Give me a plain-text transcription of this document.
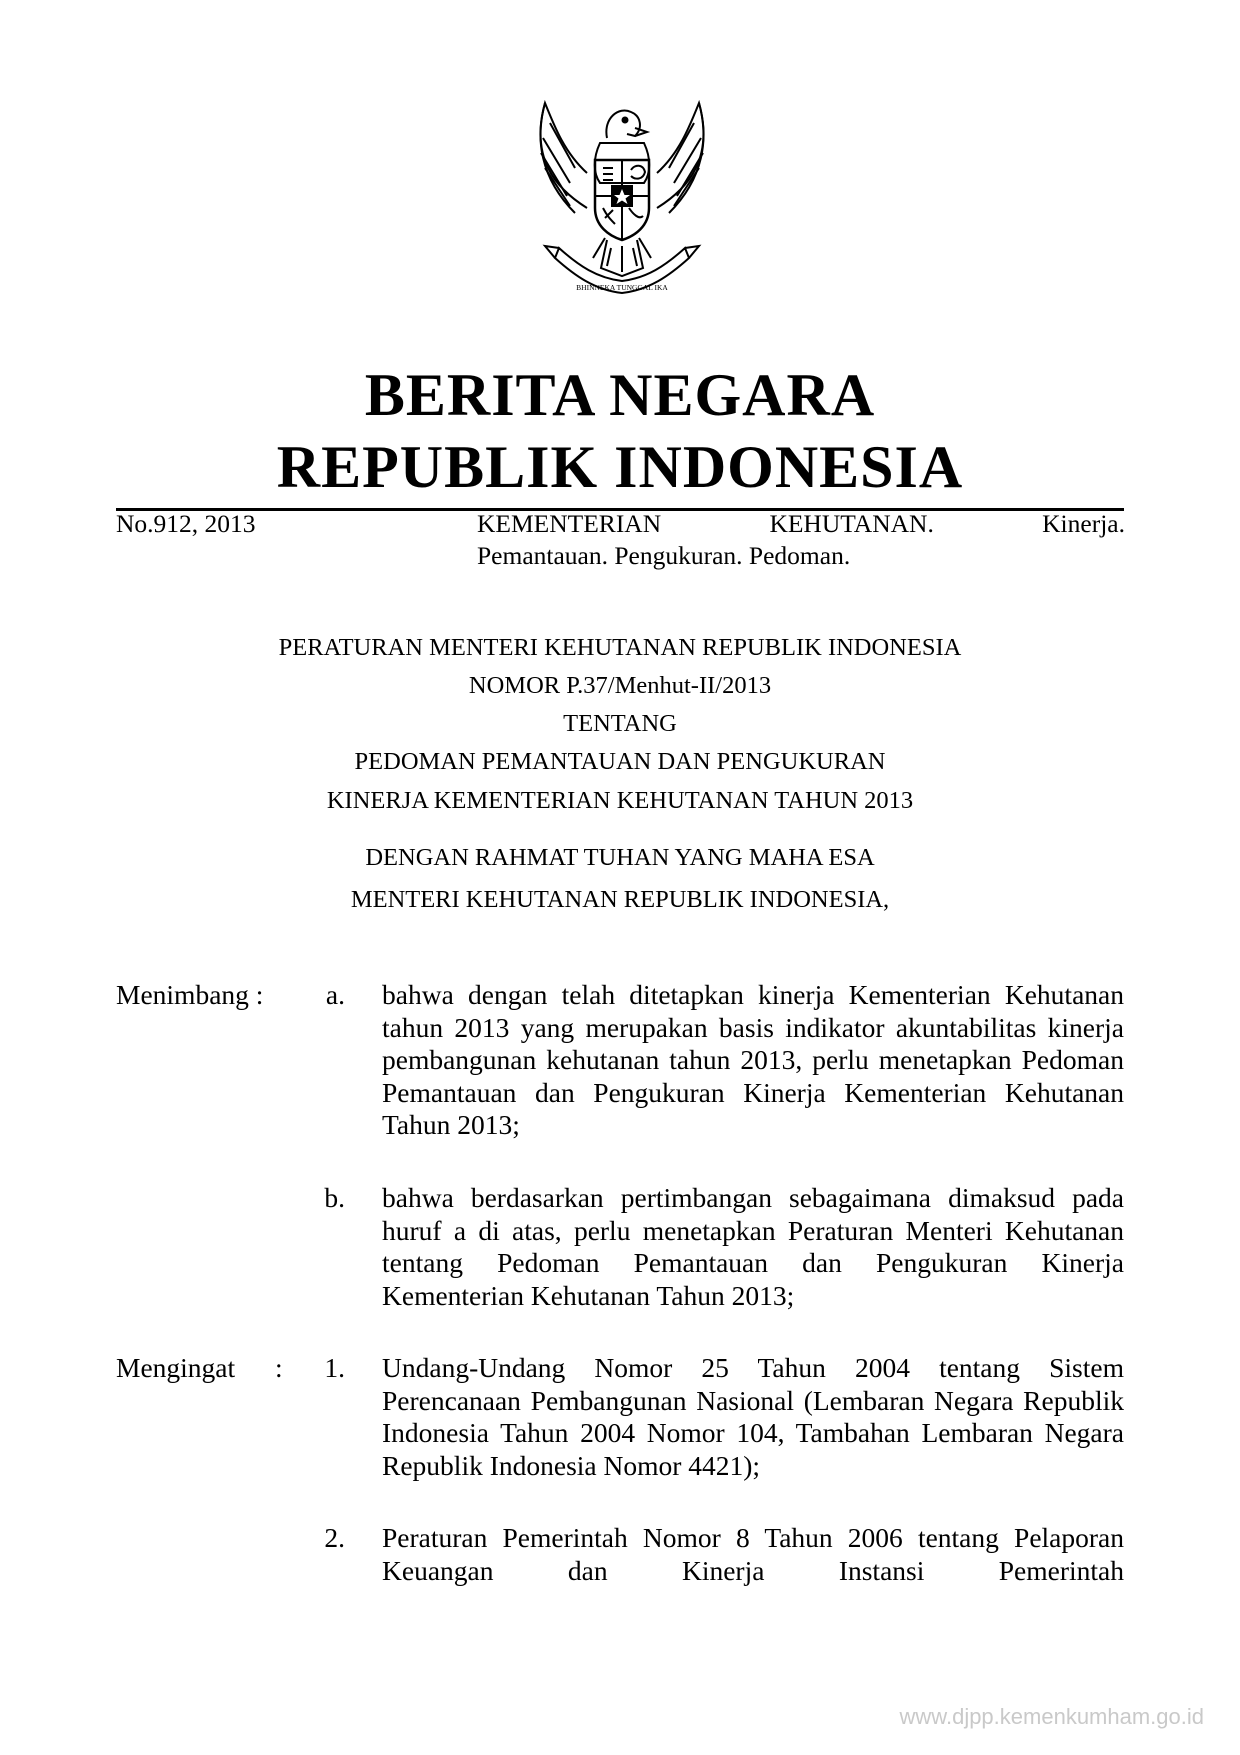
BHINNEKA TUNGGAL IKA
BERITA NEGARA
REPUBLIK INDONESIA
No.912, 2013	KEMENTERIAN	KEHUTANAN.	Kinerja.
Pemantauan. Pengukuran. Pedoman.
PERATURAN MENTERI KEHUTANAN REPUBLIK INDONESIA
NOMOR P.37/Menhut-II/2013
TENTANG
PEDOMAN PEMANTAUAN DAN PENGUKURAN
KINERJA KEMENTERIAN KEHUTANAN TAHUN 2013
DENGAN RAHMAT TUHAN YANG MAHA ESA
MENTERI KEHUTANAN REPUBLIK INDONESIA,
Menimbang :	a. bahwa dengan telah ditetapkan kinerja Kementerian Kehutanan tahun 2013 yang merupakan basis indikator akuntabilitas kinerja pembangunan kehutanan tahun 2013, perlu menetapkan Pedoman Pemantauan dan Pengukuran Kinerja Kementerian Kehutanan Tahun 2013;
b. bahwa berdasarkan pertimbangan sebagaimana dimaksud pada huruf a di atas, perlu menetapkan Peraturan Menteri Kehutanan tentang Pedoman Pemantauan dan Pengukuran Kinerja Kementerian Kehutanan Tahun 2013;
Mengingat :	1. Undang-Undang Nomor 25 Tahun 2004 tentang Sistem Perencanaan Pembangunan Nasional (Lembaran Negara Republik Indonesia Tahun 2004 Nomor 104, Tambahan Lembaran Negara Republik Indonesia Nomor 4421);
2. Peraturan Pemerintah Nomor 8 Tahun 2006 tentang Pelaporan Keuangan dan Kinerja Instansi Pemerintah
www.djpp.kemenkumham.go.id
